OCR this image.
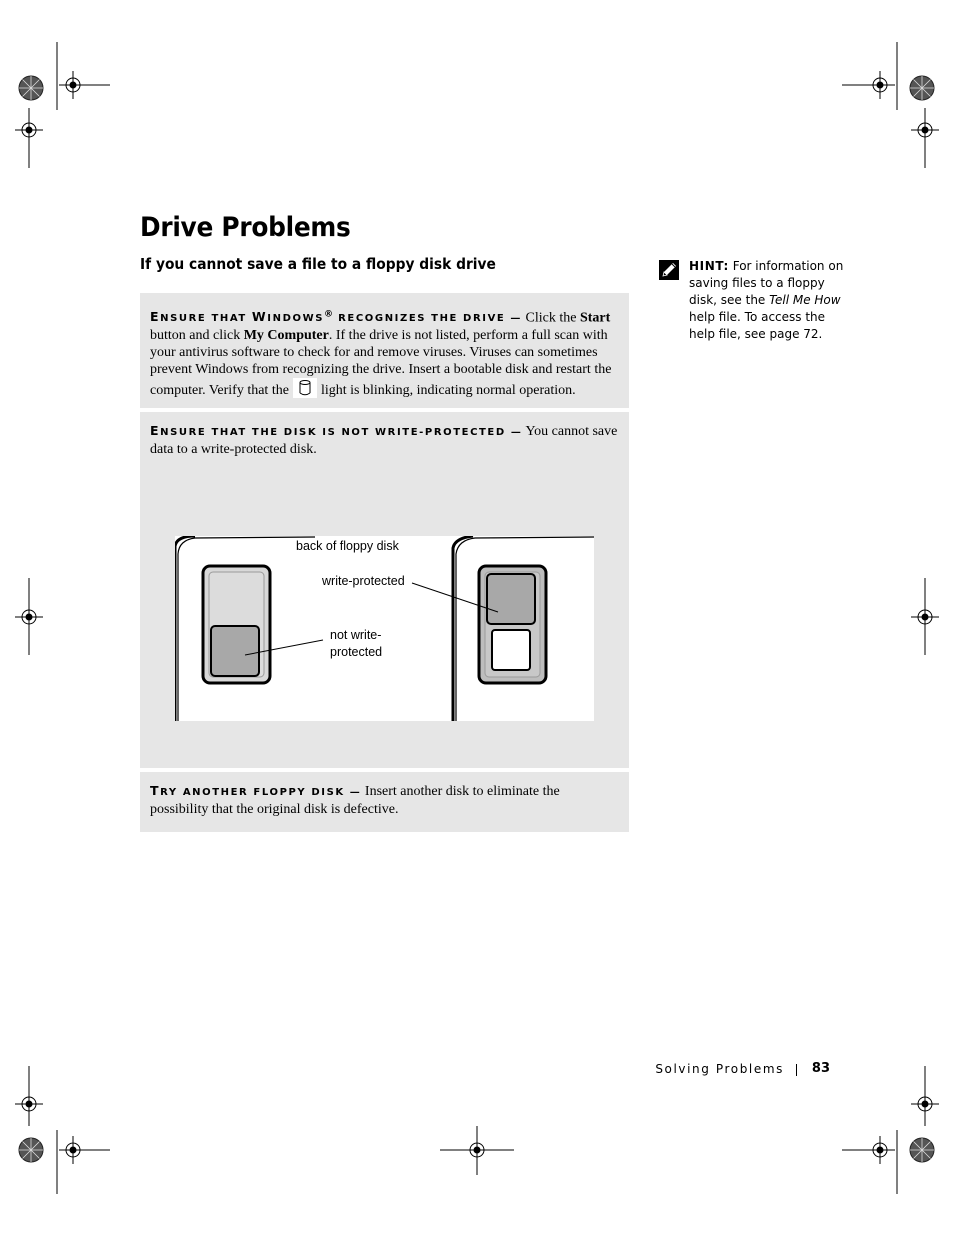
Drive Problems
If you cannot save a file to a floppy disk drive

ENSURE THAT WINDOWS® RECOGNIZES THE DRIVE — Click the Start button and click My Computer. If the drive is not listed, perform a full scan with your antivirus software to check for and remove viruses. Viruses can sometimes prevent Windows from recognizing the drive. Insert a bootable disk and restart the computer. Verify that the light is blinking, indicating normal operation.

ENSURE THAT THE DISK IS NOT WRITE-PROTECTED — You cannot save data to a write-protected disk.

back of floppy disk

write-protected

not write-
protected

TRY ANOTHER FLOPPY DISK — Insert another disk to eliminate the possibility that the original disk is defective.

HINT: For information on saving files to a floppy disk, see the Tell Me How help file. To access the help file, see page 72.

Solving Problems 83
